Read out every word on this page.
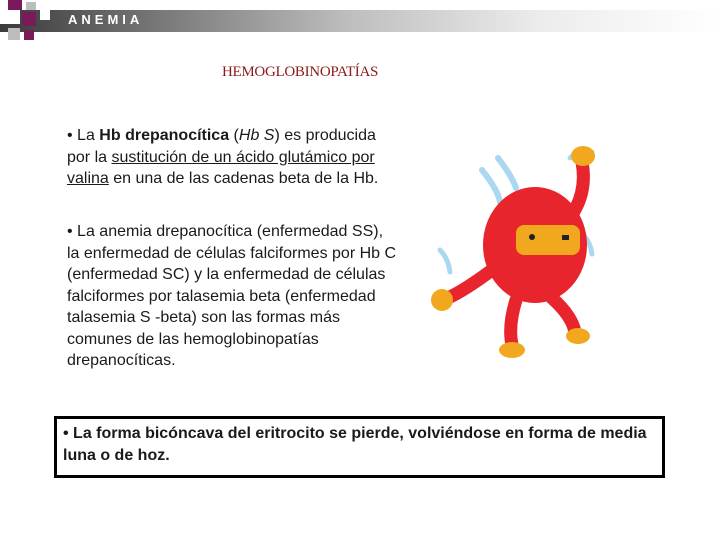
ANEMIA
HEMOGLOBINOPATÍAS

• La Hb drepanocítica (Hb S) es producida por la sustitución de un ácido glutámico por valina en una de las cadenas beta de la Hb.

• La anemia drepanocítica (enfermedad SS), la enfermedad de células falciformes por Hb C (enfermedad SC) y la enfermedad de células falciformes por talasemia beta (enfermedad talasemia S -beta) son las formas más comunes de las hemoglobinopatías drepanocíticas.

• La forma bicóncava del eritrocito se pierde, volviéndose en forma de media luna o de hoz.
